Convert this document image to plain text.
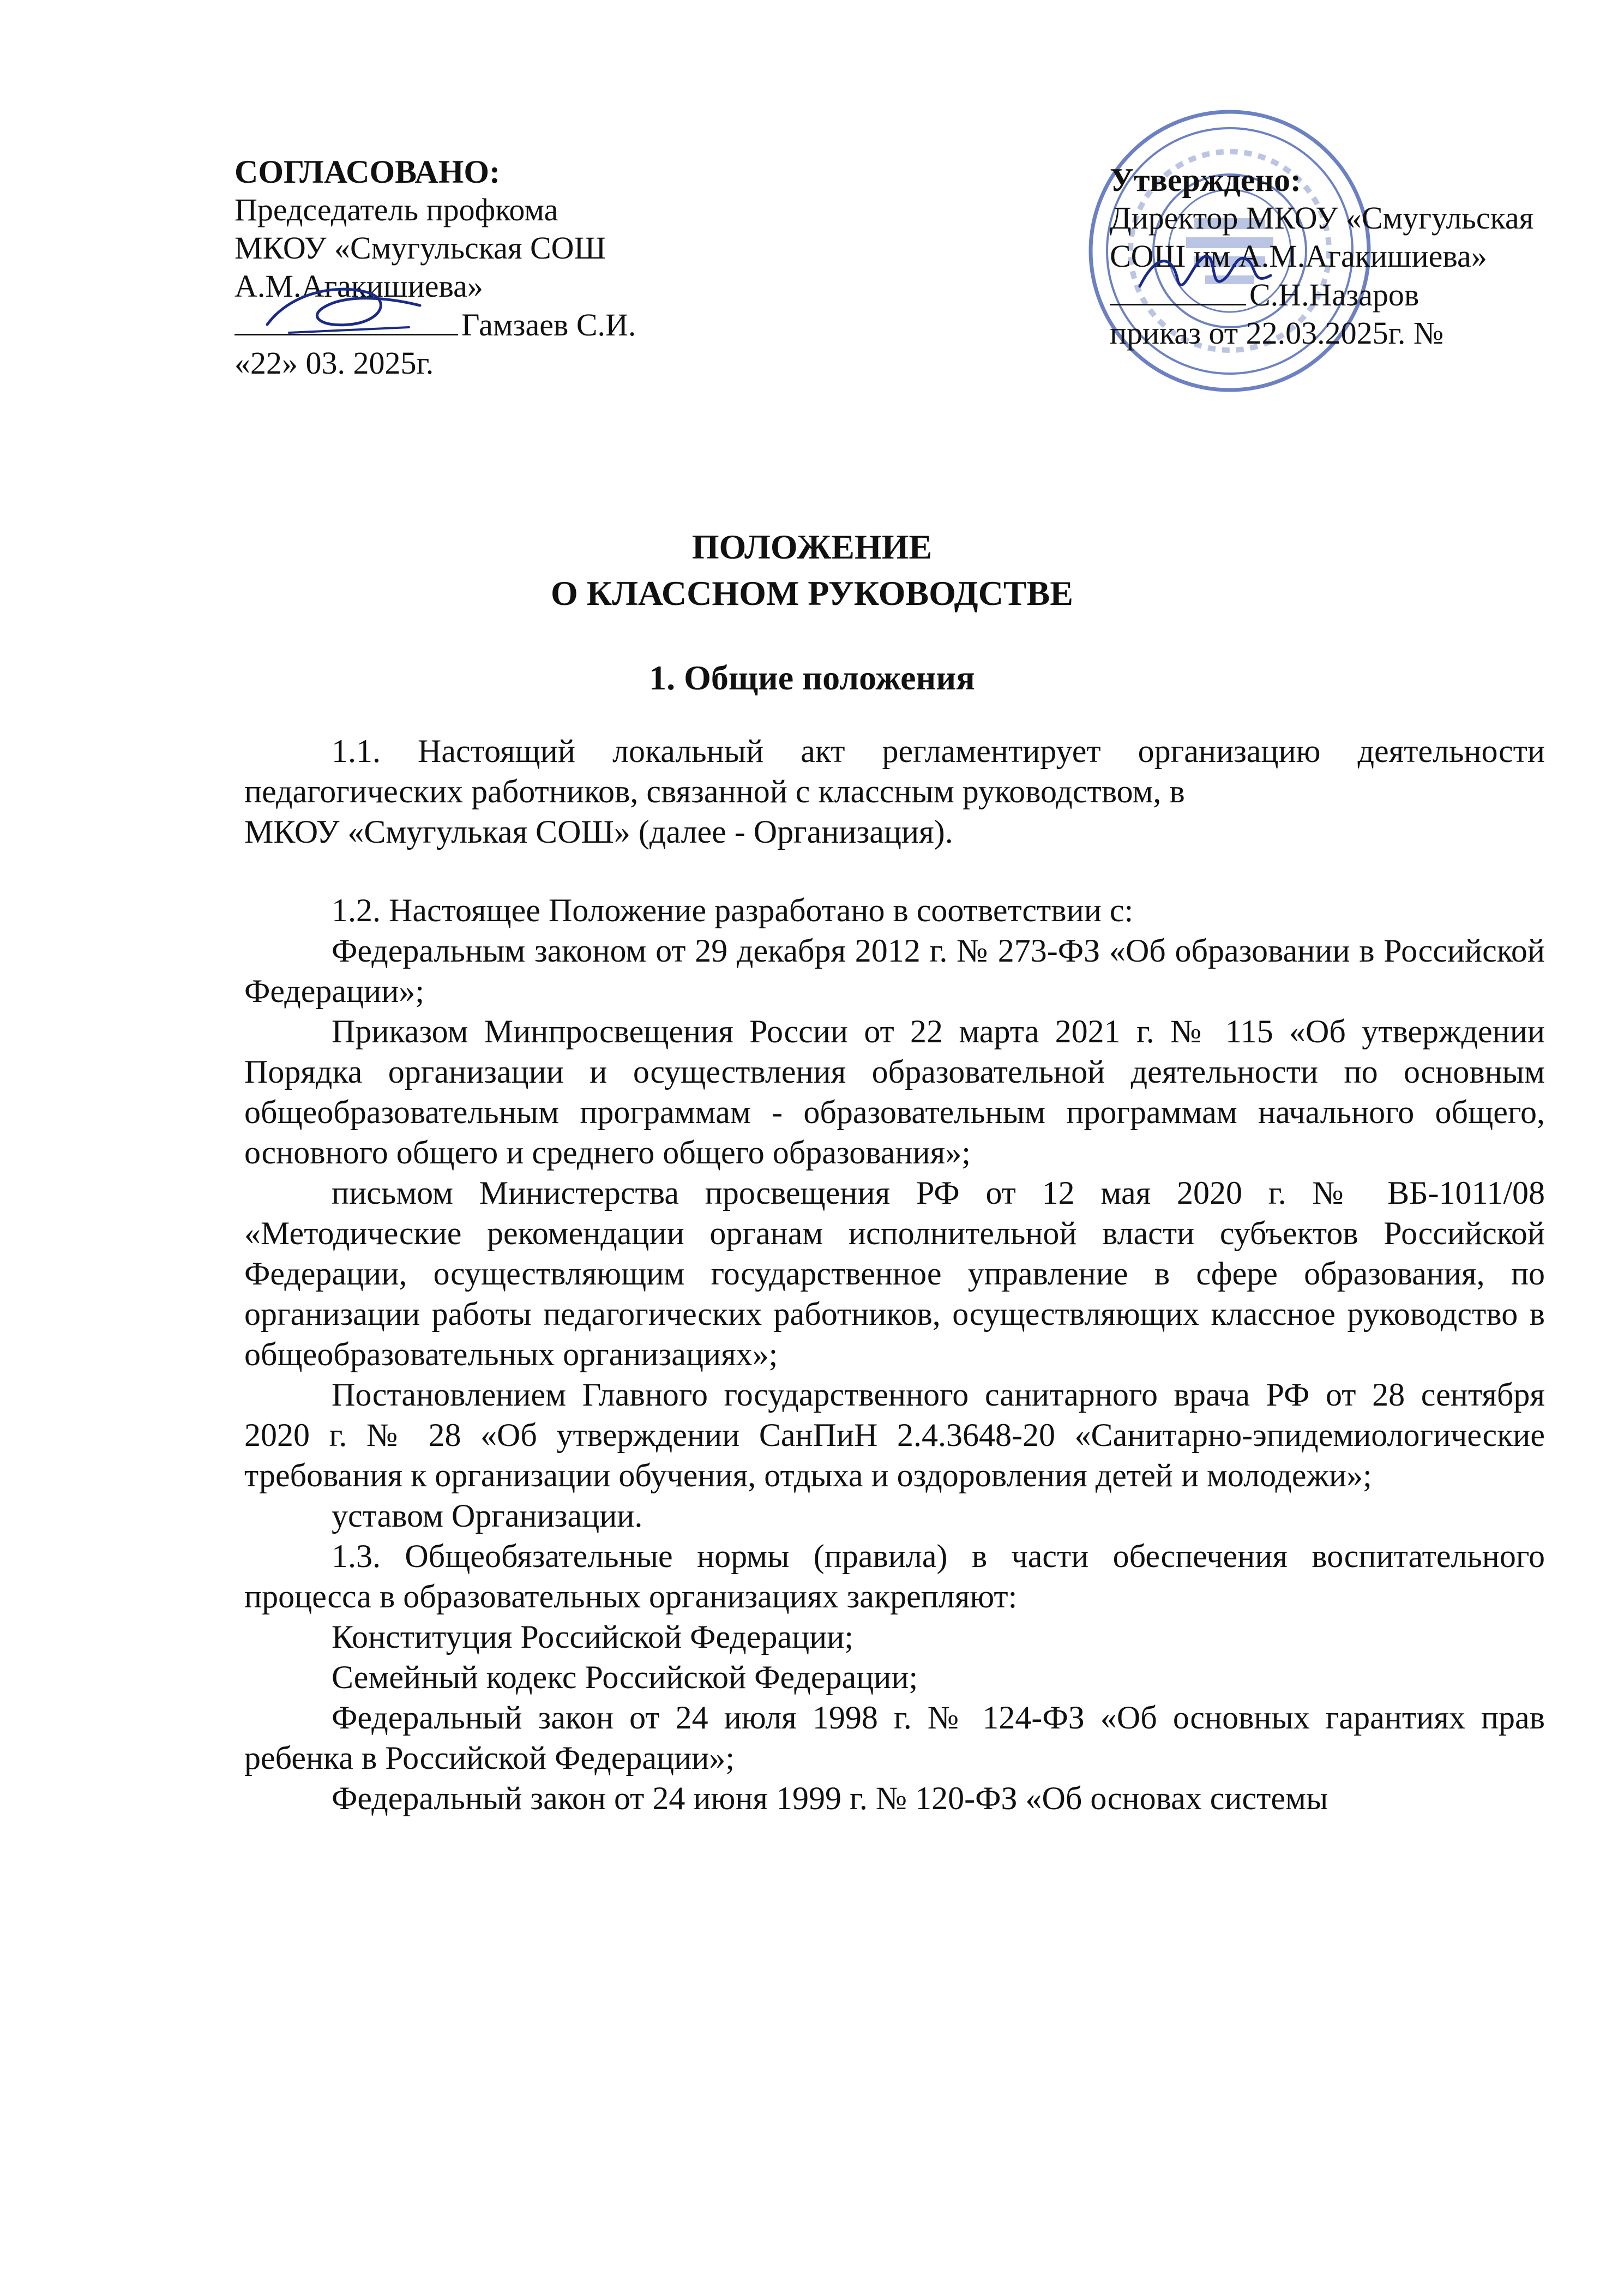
СОГЛАСОВАНО:
Председатель профкома
МКОУ «Смугульская СОШ
А.М.Агакишиева»
Гамзаев С.И.
«22» 03. 2025г.
Утверждено:
Директор МКОУ «Смугульская
СОШ им.А.М.Агакишиева»
С.Н.Назаров
приказ от 22.03.2025г. №
ПОЛОЖЕНИЕ
О КЛАССНОМ РУКОВОДСТВЕ
1. Общие положения

1.1. Настоящий локальный акт регламентирует организацию деятельности педагогических работников, связанной с классным руководством, в

МКОУ «Смугулькая СОШ» (далее - Организация).

1.2. Настоящее Положение разработано в соответствии с:

Федеральным законом от 29 декабря 2012 г. № 273-ФЗ «Об образовании в Российской Федерации»;

Приказом Минпросвещения России от 22 марта 2021 г. № 115 «Об утверждении Порядка организации и осуществления образовательной деятельности по основным общеобразовательным программам - образовательным программам начального общего, основного общего и среднего общего образования»;

письмом Министерства просвещения РФ от 12 мая 2020 г. № ВБ-1011/08 «Методические рекомендации органам исполнительной власти субъектов Российской Федерации, осуществляющим государственное управление в сфере образования, по организации работы педагогических работников, осуществляющих классное руководство в общеобразовательных организациях»;

Постановлением Главного государственного санитарного врача РФ от 28 сентября 2020 г. № 28 «Об утверждении СанПиН 2.4.3648-20 «Санитарно-эпидемиологические требования к организации обучения, отдыха и оздоровления детей и молодежи»;

уставом Организации.

1.3. Общеобязательные нормы (правила) в части обеспечения воспитательного процесса в образовательных организациях закрепляют:

Конституция Российской Федерации;

Семейный кодекс Российской Федерации;

Федеральный закон от 24 июля 1998 г. № 124-ФЗ «Об основных гарантиях прав ребенка в Российской Федерации»;

Федеральный закон от 24 июня 1999 г. № 120-ФЗ «Об основах системы
